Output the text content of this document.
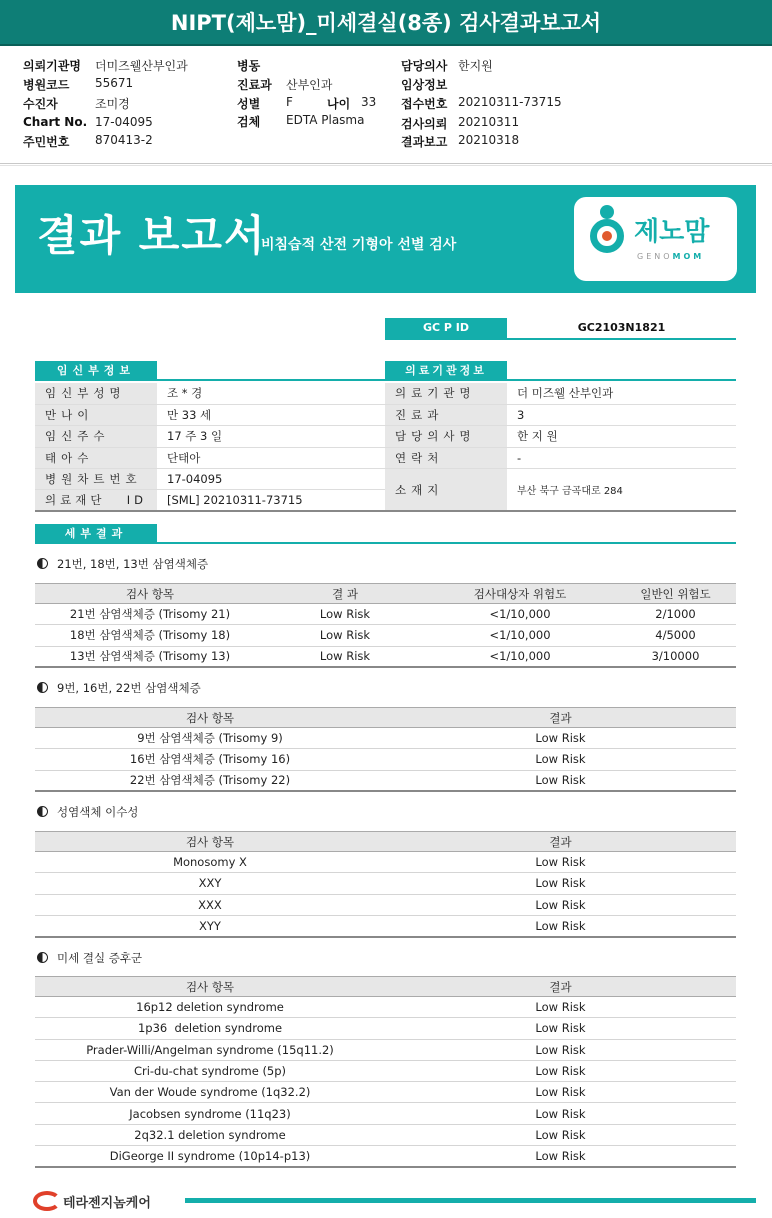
NIPT(제노맘)_미세결실(8종) 검사결과보고서
의뢰기관명 더미즈웰산부인과
병원코드 55671
수진자	조미경
Chart No. 17-04095
주민번호 870413-2
병동
진료과 산부인과
성별 F	나이 33
검체 EDTA Plasma
담당의사 한지원
임상정보
접수번호 20210311-73715
검사의뢰 20210311
결과보고 20210318
결과 보고서
비침습적 산전 기형아 선별 검사	제노맘
GENOMOM
GC P ID	GC2103N1821
임신부정보
임신부성명	조 * 경
만나이	만 33 세
임신주수	17 주 3 일
태아수	단태아
병원차트번호	17-04095
의료재단 ID	[SML] 20210311-73715
의료기관정보
의료기관명	더 미즈웰 산부인과
진료과	3
담당의사명	한 지 원
연락처	-
소재지	부산 북구 금곡대로 284
세부결과
21번, 18번, 13번 삼염색체증
검사 항목	결 과	검사대상자 위험도	일반인 위험도
21번 삼염색체증 (Trisomy 21)	Low Risk	<1/10,000	2/1000
18번 삼염색체증 (Trisomy 18)	Low Risk	<1/10,000	4/5000
13번 삼염색체증 (Trisomy 13)	Low Risk	<1/10,000	3/10000
9번, 16번, 22번 삼염색체증
검사 항목	결과
9번 삼염색체증 (Trisomy 9)	Low Risk
16번 삼염색체증 (Trisomy 16)	Low Risk
22번 삼염색체증 (Trisomy 22)	Low Risk
성염색체 이수성
검사 항목	결과
Monosomy X	Low Risk
XXY	Low Risk
XXX	Low Risk
XYY	Low Risk
미세 결실 증후군
검사 항목	결과
16p12 deletion syndrome	Low Risk
1p36  deletion syndrome	Low Risk
Prader-Willi/Angelman syndrome (15q11.2)	Low Risk
Cri-du-chat syndrome (5p)	Low Risk
Van der Woude syndrome (1q32.2)	Low Risk
Jacobsen syndrome (11q23)	Low Risk
2q32.1 deletion syndrome	Low Risk
DiGeorge II syndrome (10p14-p13)	Low Risk
테라젠지놈케어
